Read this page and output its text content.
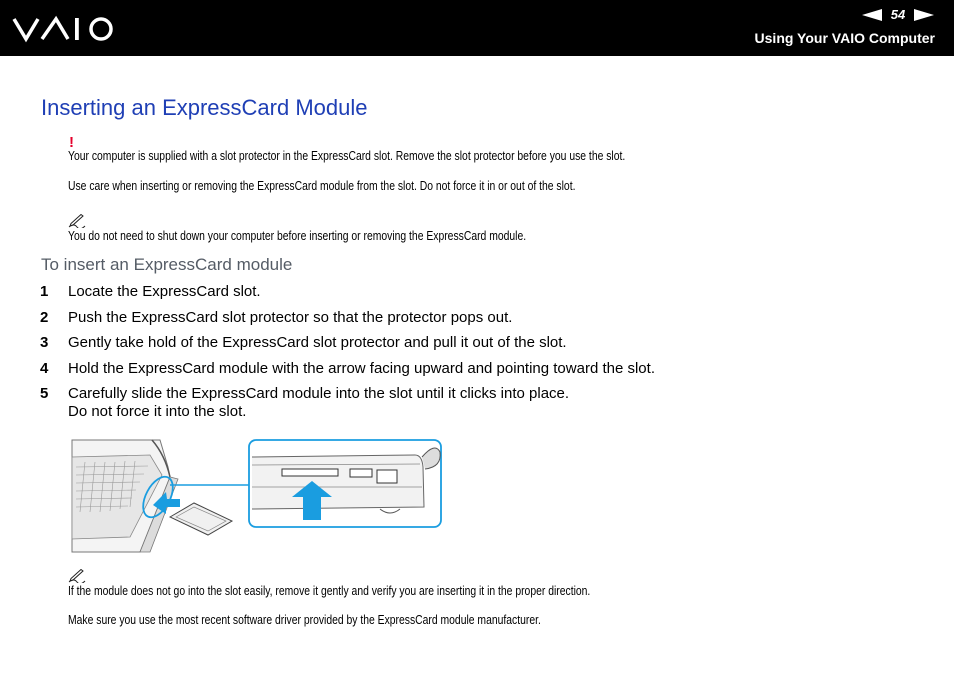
54
Using Your VAIO Computer
Inserting an ExpressCard Module
!
Your computer is supplied with a slot protector in the ExpressCard slot. Remove the slot protector before you use the slot.
Use care when inserting or removing the ExpressCard module from the slot. Do not force it in or out of the slot.
You do not need to shut down your computer before inserting or removing the ExpressCard module.
To insert an ExpressCard module
1	Locate the ExpressCard slot.
2	Push the ExpressCard slot protector so that the protector pops out.
3	Gently take hold of the ExpressCard slot protector and pull it out of the slot.
4	Hold the ExpressCard module with the arrow facing upward and pointing toward the slot.
5	Carefully slide the ExpressCard module into the slot until it clicks into place.
Do not force it into the slot.
If the module does not go into the slot easily, remove it gently and verify you are inserting it in the proper direction.
Make sure you use the most recent software driver provided by the ExpressCard module manufacturer.
